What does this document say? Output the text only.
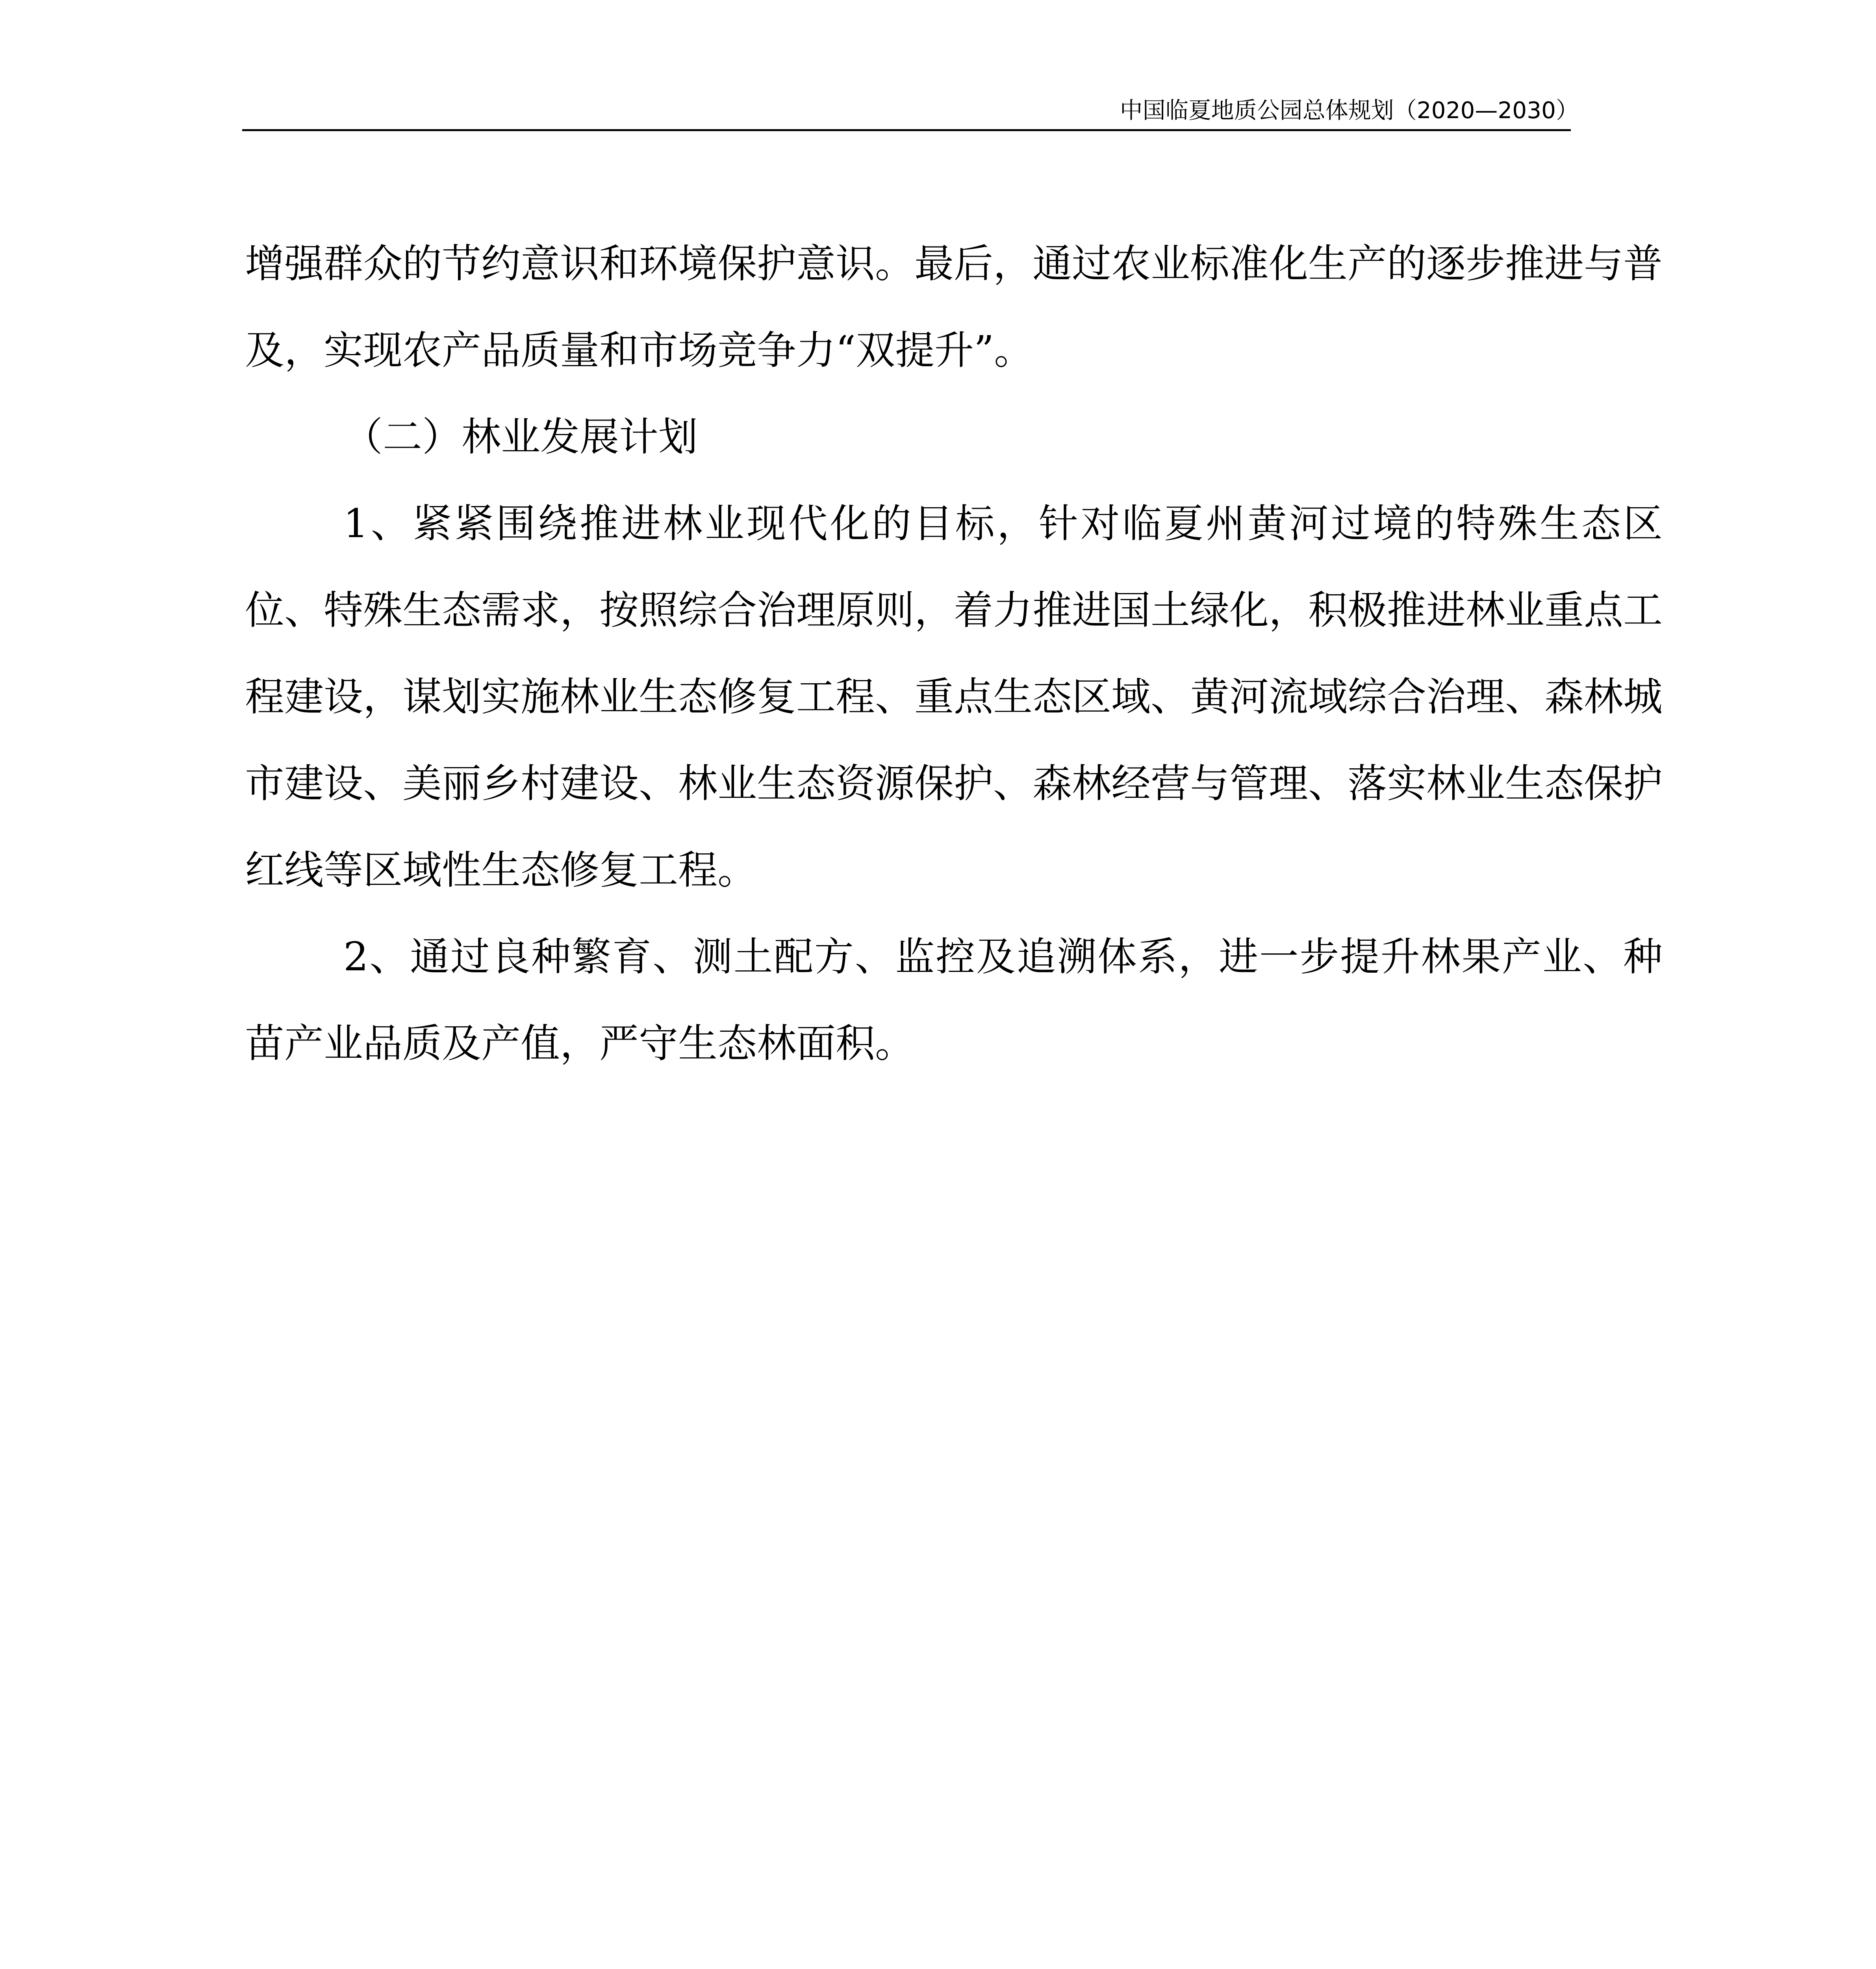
中国临夏地质公园总体规划（2020—2030）

增强群众的节约意识和环境保护意识。最后，通过农业标准化生产的逐步推进与普及，实现农产品质量和市场竞争力“双提升”。

（二）林业发展计划

1、紧紧围绕推进林业现代化的目标，针对临夏州黄河过境的特殊生态区位、特殊生态需求，按照综合治理原则，着力推进国土绿化，积极推进林业重点工程建设，谋划实施林业生态修复工程、重点生态区域、黄河流域综合治理、森林城市建设、美丽乡村建设、林业生态资源保护、森林经营与管理、落实林业生态保护红线等区域性生态修复工程。

2、通过良种繁育、测土配方、监控及追溯体系，进一步提升林果产业、种苗产业品质及产值，严守生态林面积。
